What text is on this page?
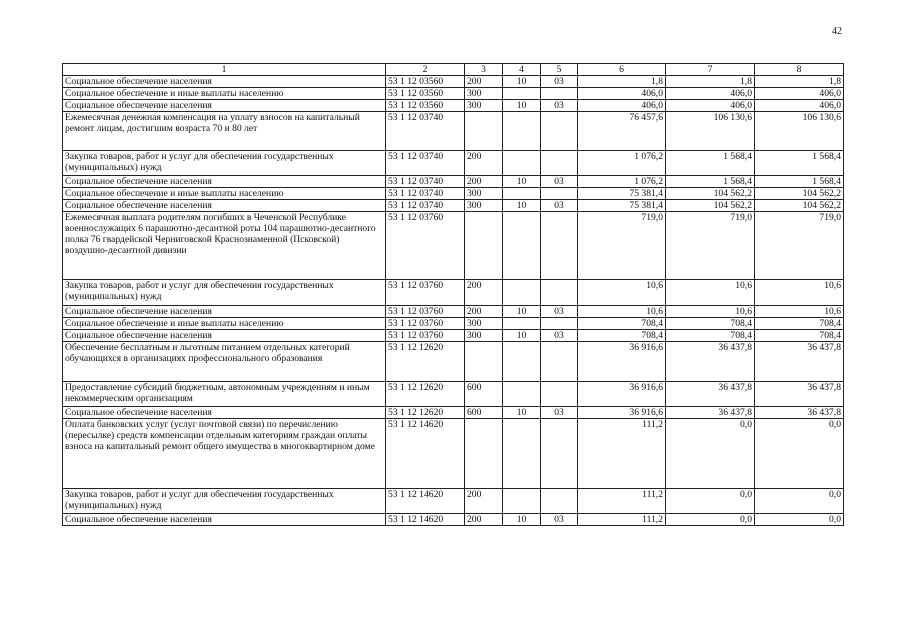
42
1	2	3	4	5	6	7	8
Социальное обеспечение населения	53 1 12 03560	200	10	03	1,8	1,8	1,8
Социальное обеспечение и иные выплаты населению	53 1 12 03560	300			406,0	406,0	406,0
Социальное обеспечение населения	53 1 12 03560	300	10	03	406,0	406,0	406,0
Ежемесячная денежная компенсация на уплату взносов на капитальный ремонт лицам, достигшим возраста 70 и 80 лет	53 1 12 03740				76 457,6	106 130,6	106 130,6
Закупка товаров, работ и услуг для обеспечения государственных (муниципальных) нужд	53 1 12 03740	200			1 076,2	1 568,4	1 568,4
Социальное обеспечение населения	53 1 12 03740	200	10	03	1 076,2	1 568,4	1 568,4
Социальное обеспечение и иные выплаты населению	53 1 12 03740	300			75 381,4	104 562,2	104 562,2
Социальное обеспечение населения	53 1 12 03740	300	10	03	75 381,4	104 562,2	104 562,2
Ежемесячная выплата родителям погибших в Чеченской Республике военнослужащих 6 парашютно-десантной роты 104 парашютно-десантного полка 76 гвардейской Черниговской Краснознаменной (Псковской) воздушно-десантной дивизии	53 1 12 03760				719,0	719,0	719,0
Закупка товаров, работ и услуг для обеспечения государственных (муниципальных) нужд	53 1 12 03760	200			10,6	10,6	10,6
Социальное обеспечение населения	53 1 12 03760	200	10	03	10,6	10,6	10,6
Социальное обеспечение и иные выплаты населению	53 1 12 03760	300			708,4	708,4	708,4
Социальное обеспечение населения	53 1 12 03760	300	10	03	708,4	708,4	708,4
Обеспечение бесплатным и льготным питанием отдельных категорий обучающихся в организациях профессионального образования	53 1 12 12620				36 916,6	36 437,8	36 437,8
Предоставление субсидий бюджетным, автономным учреждениям и иным некоммерческим организациям	53 1 12 12620	600			36 916,6	36 437,8	36 437,8
Социальное обеспечение населения	53 1 12 12620	600	10	03	36 916,6	36 437,8	36 437,8
Оплата банковских услуг (услуг почтовой связи) по перечислению (пересылке) средств компенсации отдельным категориям граждан оплаты взноса на капитальный ремонт общего имущества в многоквартирном доме	53 1 12 14620				111,2	0,0	0,0
Закупка товаров, работ и услуг для обеспечения государственных (муниципальных) нужд	53 1 12 14620	200			111,2	0,0	0,0
Социальное обеспечение населения	53 1 12 14620	200	10	03	111,2	0,0	0,0
